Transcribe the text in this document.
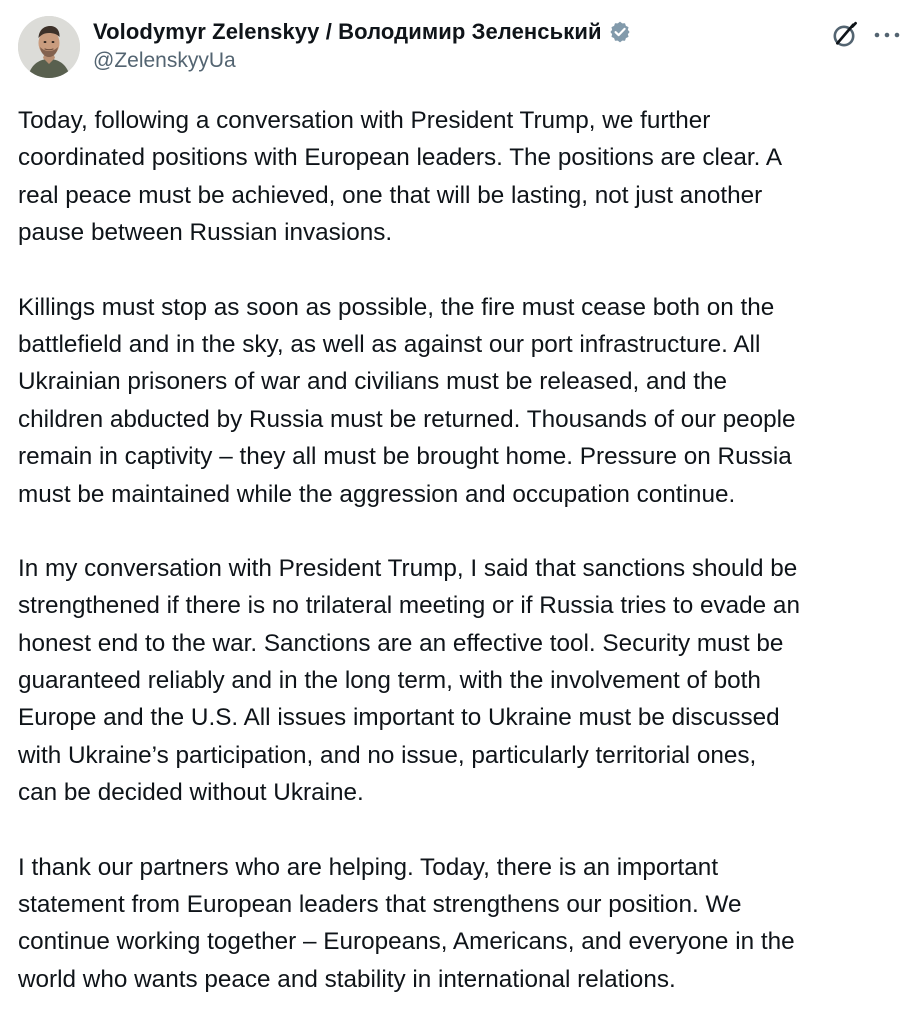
Volodymyr Zelenskyy / Володимир Зеленський
@ZelenskyyUa

Today, following a conversation with President Trump, we further
coordinated positions with European leaders. The positions are clear. A
real peace must be achieved, one that will be lasting, not just another
pause between Russian invasions.

Killings must stop as soon as possible, the fire must cease both on the
battlefield and in the sky, as well as against our port infrastructure. All
Ukrainian prisoners of war and civilians must be released, and the
children abducted by Russia must be returned. Thousands of our people
remain in captivity – they all must be brought home. Pressure on Russia
must be maintained while the aggression and occupation continue.

In my conversation with President Trump, I said that sanctions should be
strengthened if there is no trilateral meeting or if Russia tries to evade an
honest end to the war. Sanctions are an effective tool. Security must be
guaranteed reliably and in the long term, with the involvement of both
Europe and the U.S. All issues important to Ukraine must be discussed
with Ukraine’s participation, and no issue, particularly territorial ones,
can be decided without Ukraine.

I thank our partners who are helping. Today, there is an important
statement from European leaders that strengthens our position. We
continue working together – Europeans, Americans, and everyone in the
world who wants peace and stability in international relations.
